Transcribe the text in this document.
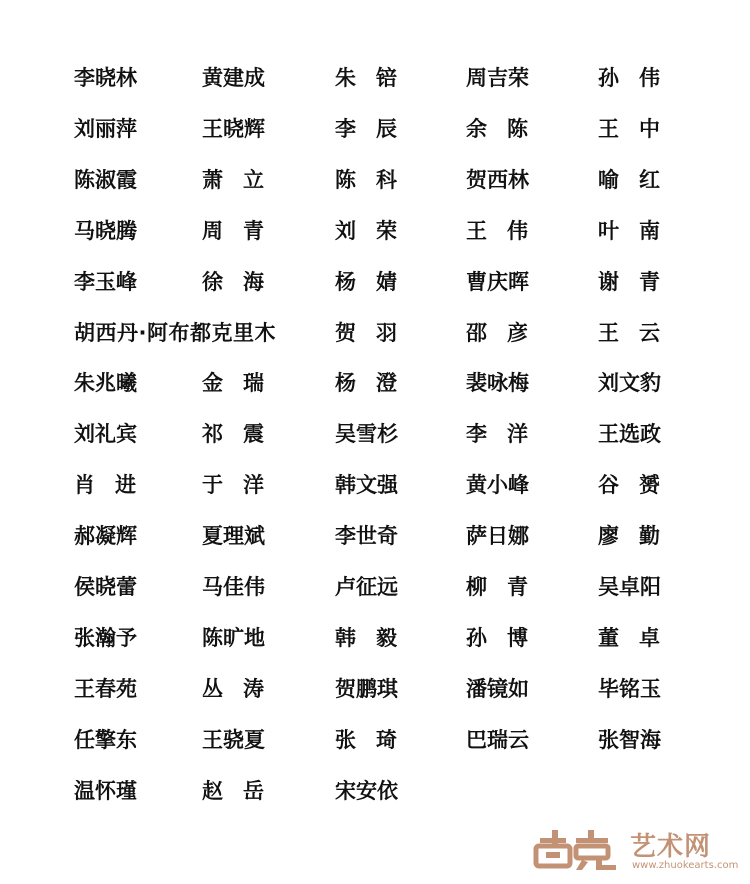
李晓林	黄建成	朱锫	周吉荣	孙伟
刘丽萍	王晓辉	李辰	余陈	王中
陈淑霞	萧立	陈科	贺西林	喻红
马晓腾	周青	刘荣	王伟	叶南
李玉峰	徐海	杨婧	曹庆晖	谢青
胡西丹·阿布都克里木	贺羽	邵彦	王云
朱兆曦	金瑞	杨澄	裴咏梅	刘文豹
刘礼宾	祁震	吴雪杉	李洋	王选政
肖进	于洋	韩文强	黄小峰	谷赟
郝凝辉	夏理斌	李世奇	萨日娜	廖勤
侯晓蕾	马佳伟	卢征远	柳青	吴卓阳
张瀚予	陈旷地	韩毅	孙博	董卓
王春苑	丛涛	贺鹏琪	潘镜如	毕铭玉
任擎东	王骁夏	张琦	巴瑞云	张智海
温怀瑾	赵岳	宋安依
艺术网
www.zhuokearts.com
